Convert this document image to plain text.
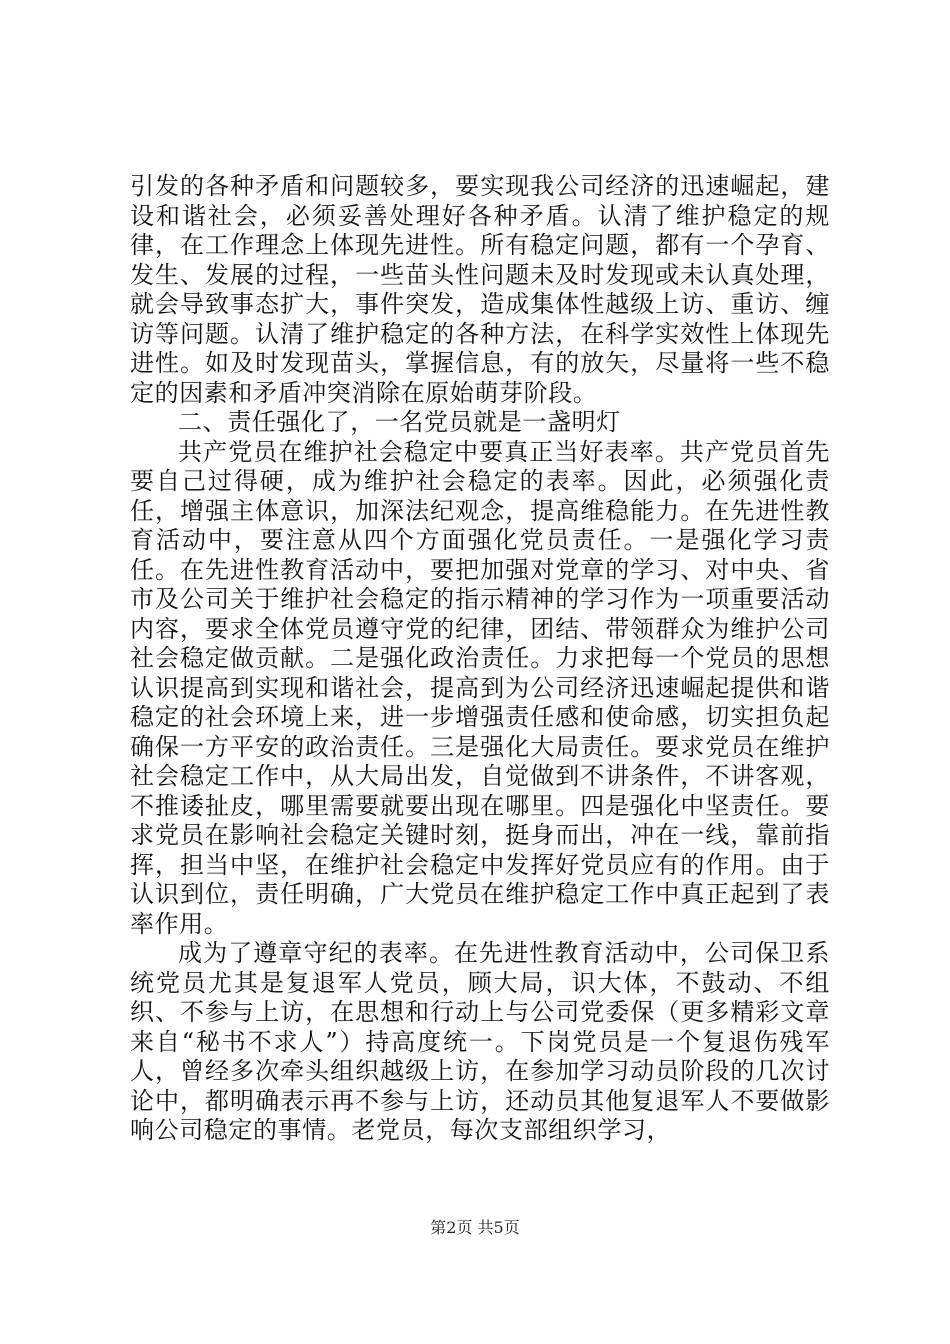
引发的各种矛盾和问题较多，要实现我公司经济的迅速崛起，建设和谐社会，必须妥善处理好各种矛盾。认清了维护稳定的规律，在工作理念上体现先进性。所有稳定问题，都有一个孕育、发生、发展的过程，一些苗头性问题未及时发现或未认真处理，就会导致事态扩大，事件突发，造成集体性越级上访、重访、缠访等问题。认清了维护稳定的各种方法，在科学实效性上体现先进性。如及时发现苗头，掌握信息，有的放矢，尽量将一些不稳定的因素和矛盾冲突消除在原始萌芽阶段。

二、责任强化了，一名党员就是一盏明灯

共产党员在维护社会稳定中要真正当好表率。共产党员首先要自己过得硬，成为维护社会稳定的表率。因此，必须强化责任，增强主体意识，加深法纪观念，提高维稳能力。在先进性教育活动中，要注意从四个方面强化党员责任。一是强化学习责任。在先进性教育活动中，要把加强对党章的学习、对中央、省市及公司关于维护社会稳定的指示精神的学习作为一项重要活动内容，要求全体党员遵守党的纪律，团结、带领群众为维护公司社会稳定做贡献。二是强化政治责任。力求把每一个党员的思想认识提高到实现和谐社会，提高到为公司经济迅速崛起提供和谐稳定的社会环境上来，进一步增强责任感和使命感，切实担负起确保一方平安的政治责任。三是强化大局责任。要求党员在维护社会稳定工作中，从大局出发，自觉做到不讲条件，不讲客观，不推诿扯皮，哪里需要就要出现在哪里。四是强化中坚责任。要求党员在影响社会稳定关键时刻，挺身而出，冲在一线，靠前指挥，担当中坚，在维护社会稳定中发挥好党员应有的作用。由于认识到位，责任明确，广大党员在维护稳定工作中真正起到了表率作用。

成为了遵章守纪的表率。在先进性教育活动中，公司保卫系统党员尤其是复退军人党员，顾大局，识大体，不鼓动、不组织、不参与上访，在思想和行动上与公司党委保（更多精彩文章来自“秘书不求人”）持高度统一。下岗党员是一个复退伤残军人，曾经多次牵头组织越级上访，在参加学习动员阶段的几次讨论中，都明确表示再不参与上访，还动员其他复退军人不要做影响公司稳定的事情。老党员，每次支部组织学习，

第2页 共5页
